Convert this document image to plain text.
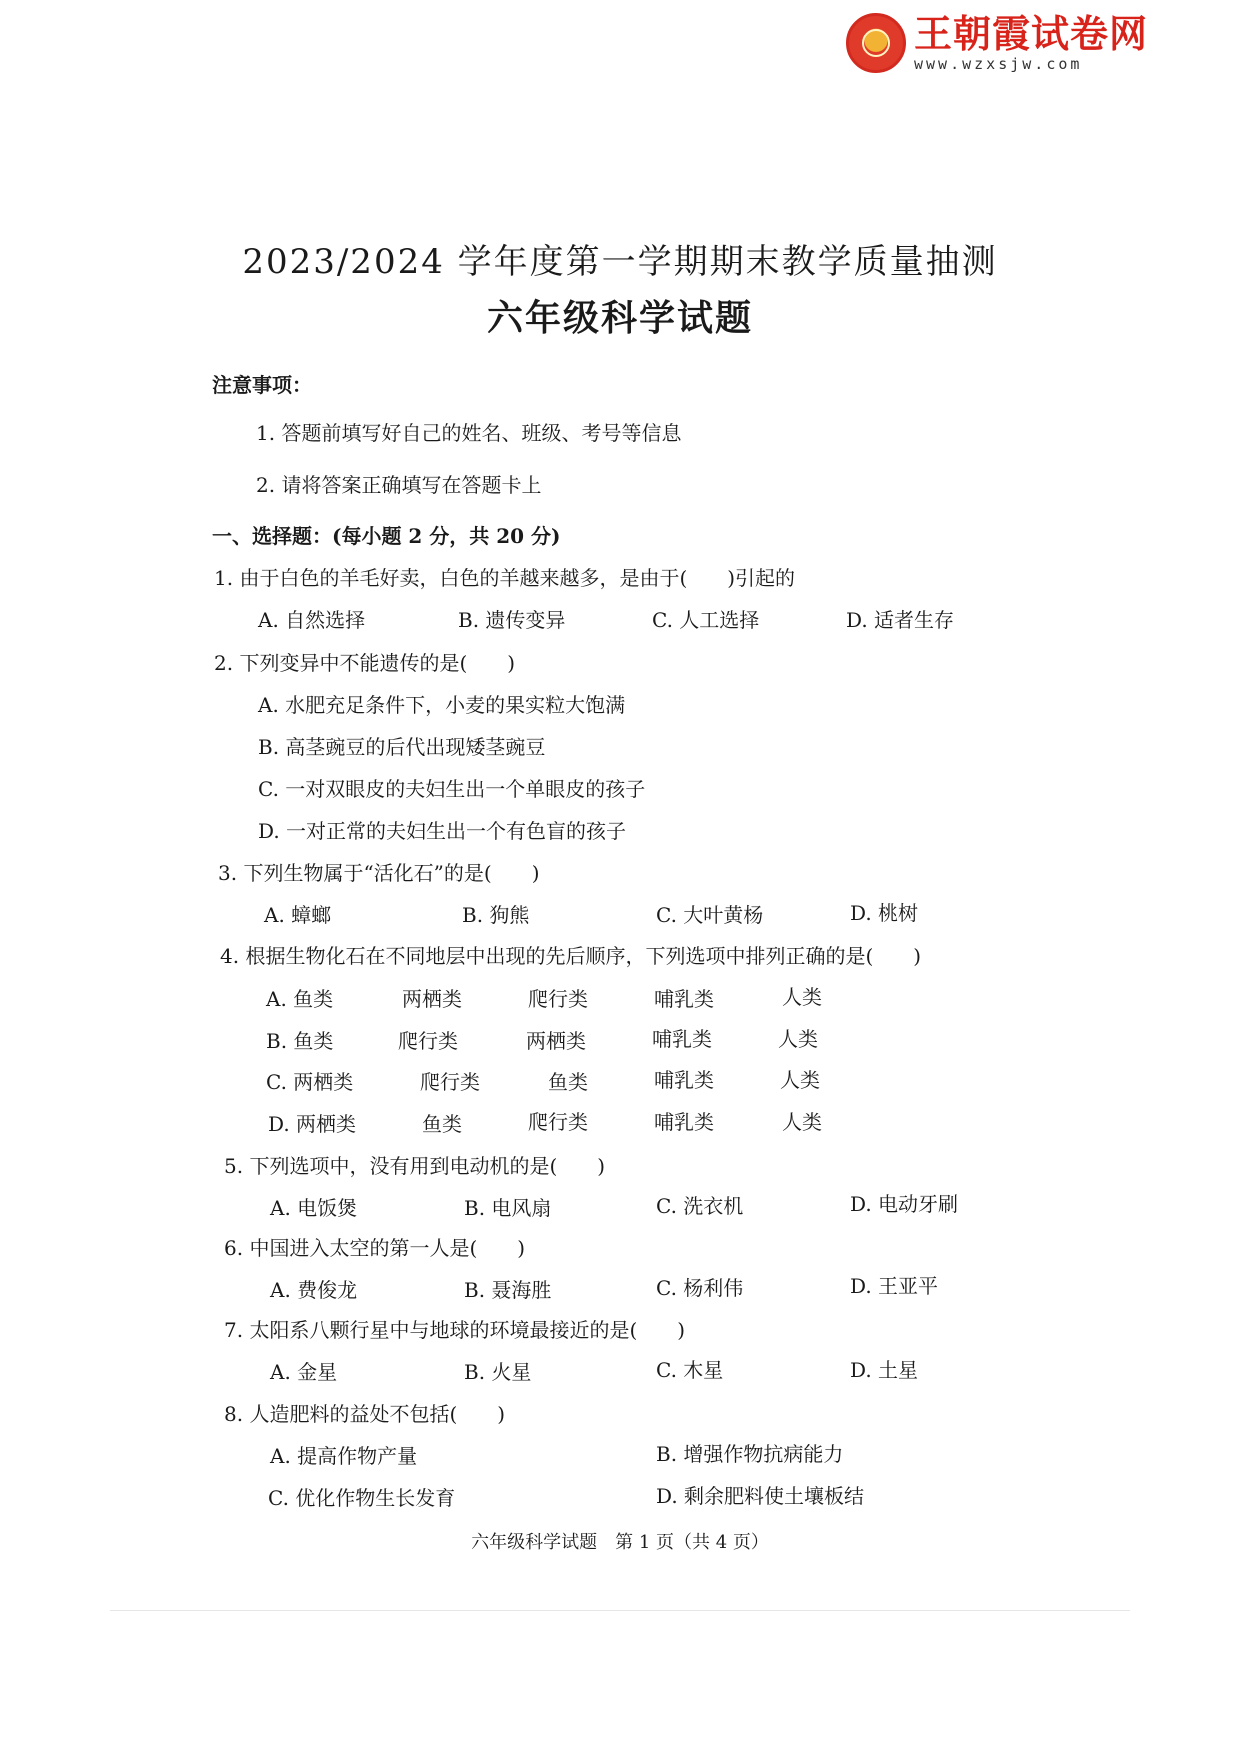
王朝霞试卷网
www.wzxsjw.com
2023/2024 学年度第一学期期末教学质量抽测
六年级科学试题
注意事项：
1. 答题前填写好自己的姓名、班级、考号等信息
2. 请将答案正确填写在答题卡上
一、选择题：(每小题 2 分，共 20 分)
1. 由于白色的羊毛好卖，白色的羊越来越多，是由于(　　)引起的
A. 自然选择	B. 遗传变异	C. 人工选择	D. 适者生存
2. 下列变异中不能遗传的是(　　)
A. 水肥充足条件下，小麦的果实粒大饱满
B. 高茎豌豆的后代出现矮茎豌豆
C. 一对双眼皮的夫妇生出一个单眼皮的孩子
D. 一对正常的夫妇生出一个有色盲的孩子
3. 下列生物属于“活化石”的是(　　)
A. 蟑螂	B. 狗熊	C. 大叶黄杨	D. 桃树
4. 根据生物化石在不同地层中出现的先后顺序，下列选项中排列正确的是(　　)
A. 鱼类	两栖类	爬行类	哺乳类	人类
B. 鱼类	爬行类	两栖类	哺乳类	人类
C. 两栖类	爬行类	鱼类	哺乳类	人类
D. 两栖类	鱼类	爬行类	哺乳类	人类
5. 下列选项中，没有用到电动机的是(　　)
A. 电饭煲	B. 电风扇	C. 洗衣机	D. 电动牙刷
6. 中国进入太空的第一人是(　　)
A. 费俊龙	B. 聂海胜	C. 杨利伟	D. 王亚平
7. 太阳系八颗行星中与地球的环境最接近的是(　　)
A. 金星	B. 火星	C. 木星	D. 土星
8. 人造肥料的益处不包括(　　)
A. 提高作物产量	B. 增强作物抗病能力
C. 优化作物生长发育	D. 剩余肥料使土壤板结
六年级科学试题　第 1 页（共 4 页）
